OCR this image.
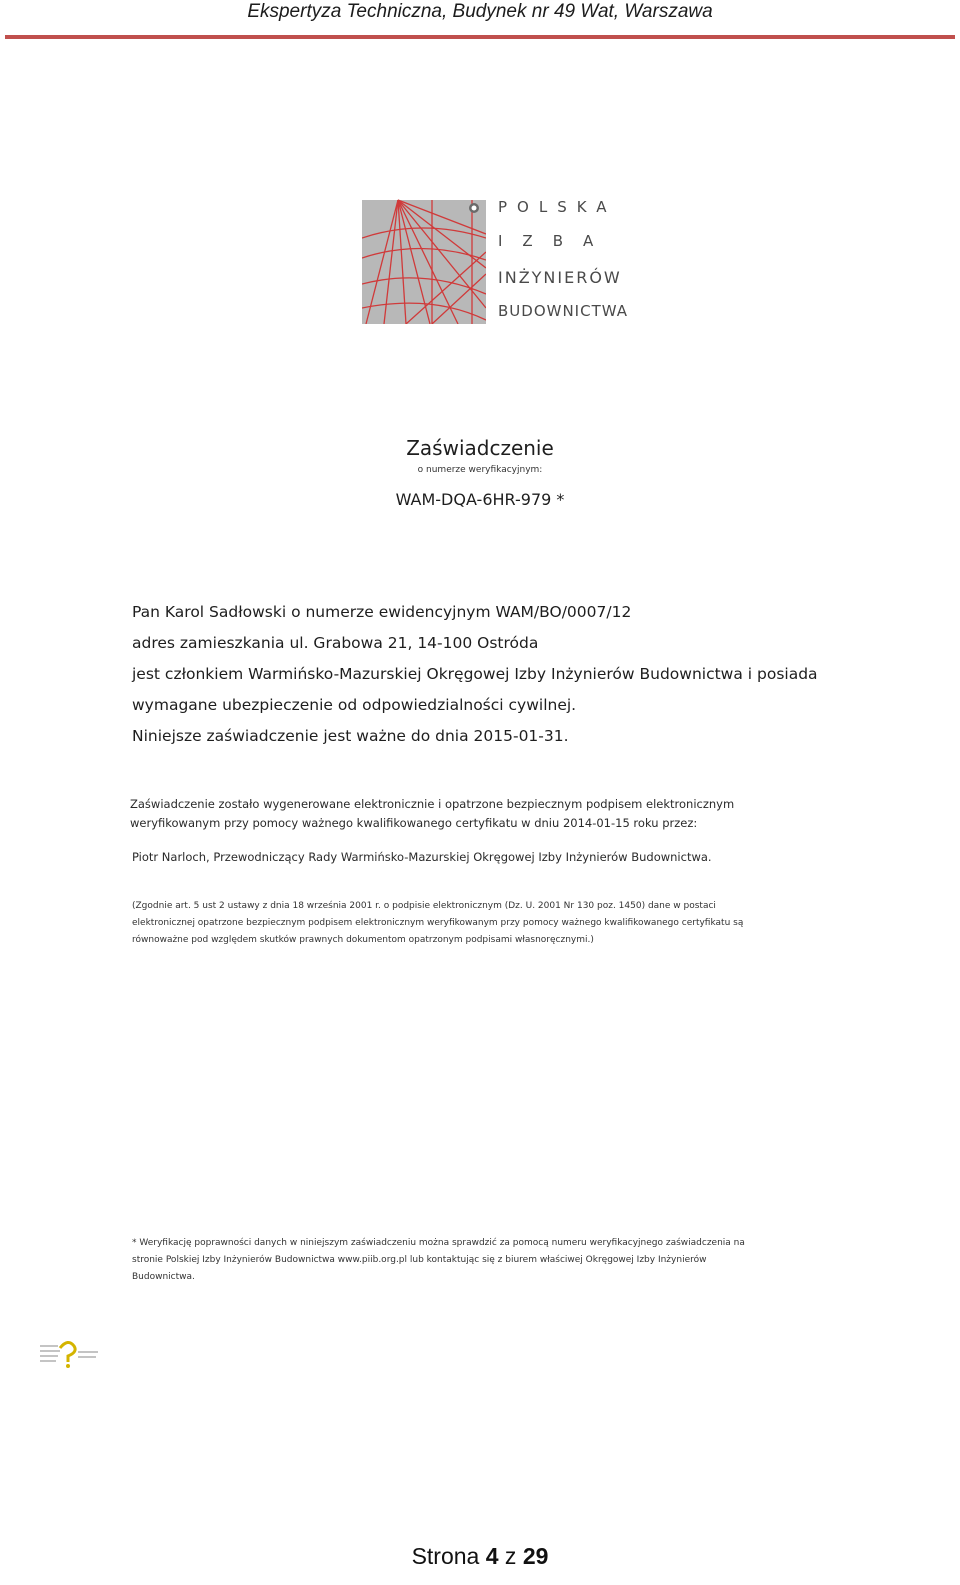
Ekspertyza Techniczna, Budynek nr 49 Wat, Warszawa
POLSKA
IZBA
INŻYNIERÓW
BUDOWNICTWA
Zaświadczenie
o numerze weryfikacyjnym:
WAM-DQA-6HR-979 *
Pan Karol Sadłowski o numerze ewidencyjnym WAM/BO/0007/12
adres zamieszkania ul. Grabowa 21, 14-100 Ostróda
jest członkiem Warmińsko-Mazurskiej Okręgowej Izby Inżynierów Budownictwa i posiada
wymagane ubezpieczenie od odpowiedzialności cywilnej.
Niniejsze zaświadczenie jest ważne do dnia 2015-01-31.
Zaświadczenie zostało wygenerowane elektronicznie i opatrzone bezpiecznym podpisem elektronicznym
weryfikowanym przy pomocy ważnego kwalifikowanego certyfikatu w dniu 2014-01-15 roku przez:
Piotr Narloch, Przewodniczący Rady Warmińsko-Mazurskiej Okręgowej Izby Inżynierów Budownictwa.
(Zgodnie art. 5 ust 2 ustawy z dnia 18 września 2001 r. o podpisie elektronicznym (Dz. U. 2001 Nr 130 poz. 1450) dane w postaci
elektronicznej opatrzone bezpiecznym podpisem elektronicznym weryfikowanym przy pomocy ważnego kwalifikowanego certyfikatu są
równoważne pod względem skutków prawnych dokumentom opatrzonym podpisami własnoręcznymi.)
* Weryfikację poprawności danych w niniejszym zaświadczeniu można sprawdzić za pomocą numeru weryfikacyjnego zaświadczenia na
stronie Polskiej Izby Inżynierów Budownictwa www.piib.org.pl lub kontaktując się z biurem właściwej Okręgowej Izby Inżynierów
Budownictwa.
Strona 4 z 29
